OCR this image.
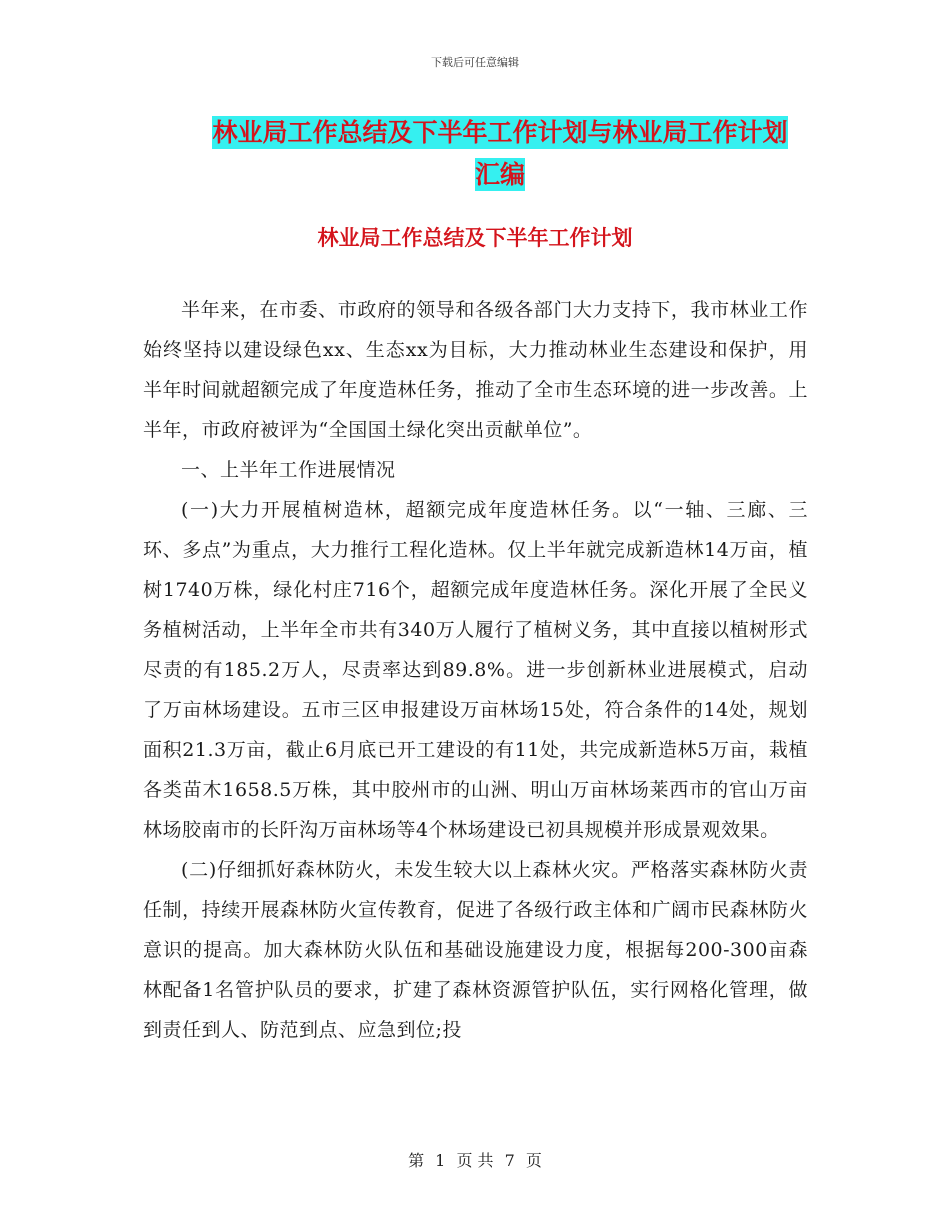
下载后可任意编辑
林业局工作总结及下半年工作计划与林业局工作计划
汇编
林业局工作总结及下半年工作计划

半年来，在市委、市政府的领导和各级各部门大力支持下，我市林业工作始终坚持以建设绿色xx、生态xx为目标，大力推动林业生态建设和保护，用半年时间就超额完成了年度造林任务，推动了全市生态环境的进一步改善。上半年，市政府被评为“全国国土绿化突出贡献单位”。

一、上半年工作进展情况

(一)大力开展植树造林，超额完成年度造林任务。以“一轴、三廊、三环、多点”为重点，大力推行工程化造林。仅上半年就完成新造林14万亩，植树1740万株，绿化村庄716个，超额完成年度造林任务。深化开展了全民义务植树活动，上半年全市共有340万人履行了植树义务，其中直接以植树形式尽责的有185.2万人，尽责率达到89.8%。进一步创新林业进展模式，启动了万亩林场建设。五市三区申报建设万亩林场15处，符合条件的14处，规划面积21.3万亩，截止6月底已开工建设的有11处，共完成新造林5万亩，栽植各类苗木1658.5万株，其中胶州市的山洲、明山万亩林场莱西市的官山万亩林场胶南市的长阡沟万亩林场等4个林场建设已初具规模并形成景观效果。

(二)仔细抓好森林防火，未发生较大以上森林火灾。严格落实森林防火责任制，持续开展森林防火宣传教育，促进了各级行政主体和广阔市民森林防火意识的提高。加大森林防火队伍和基础设施建设力度，根据每200-300亩森林配备1名管护队员的要求，扩建了森林资源管护队伍，实行网格化管理，做到责任到人、防范到点、应急到位;投

第 1 页 共 7 页
